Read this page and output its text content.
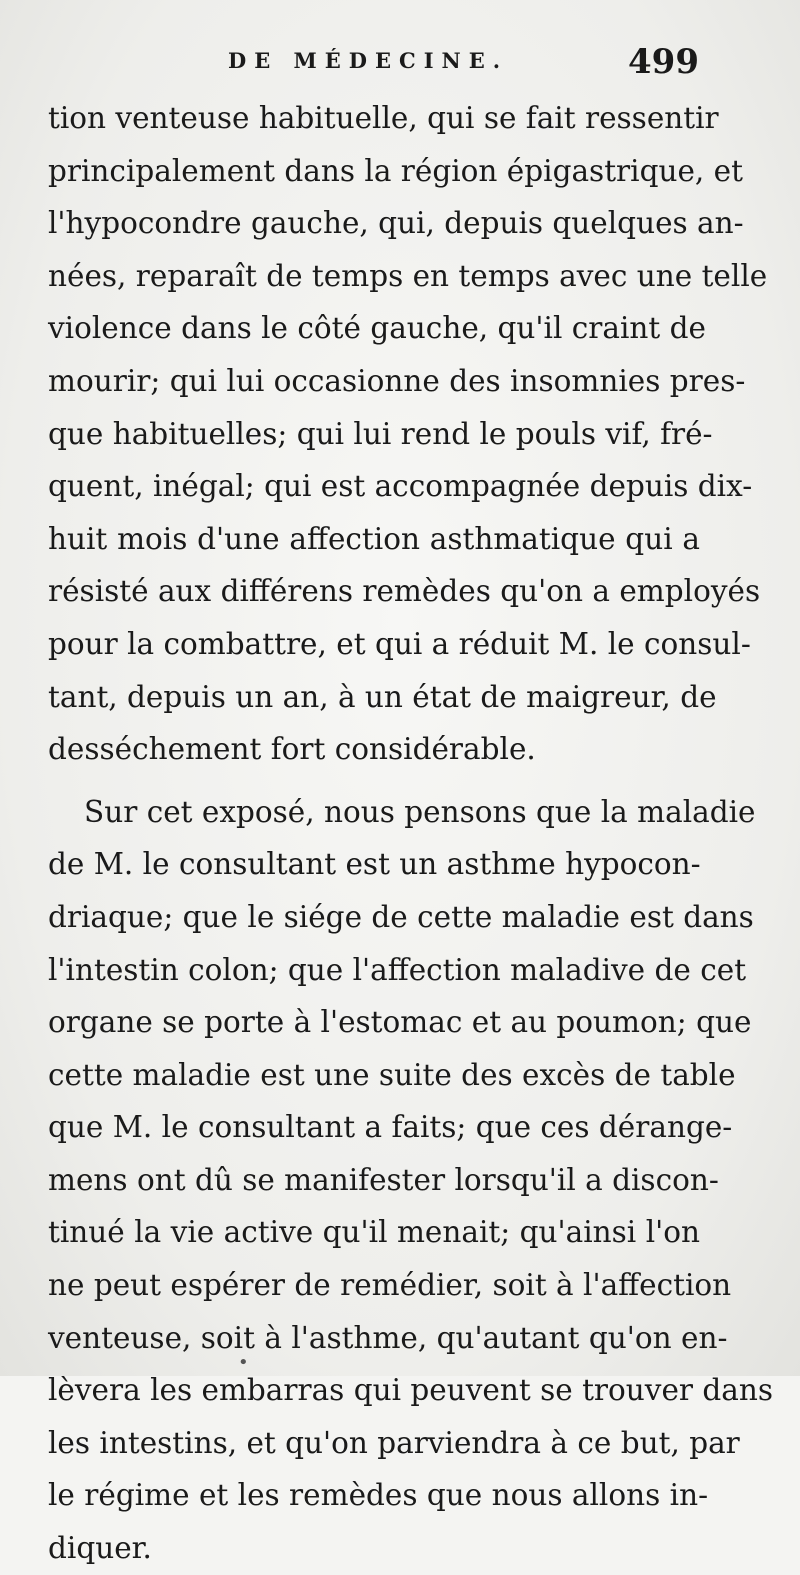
DE MÉDECINE.	499
tion venteuse habituelle, qui se fait ressentir
principalement dans la région épigastrique, et
l'hypocondre gauche, qui, depuis quelques an-
nées, reparaît de temps en temps avec une telle
violence dans le côté gauche, qu'il craint de
mourir; qui lui occasionne des insomnies pres-
que habituelles; qui lui rend le pouls vif, fré-
quent, inégal; qui est accompagnée depuis dix-
huit mois d'une affection asthmatique qui a
résisté aux différens remèdes qu'on a employés
pour la combattre, et qui a réduit M. le consul-
tant, depuis un an, à un état de maigreur, de
desséchement fort considérable.
Sur cet exposé, nous pensons que la maladie
de M. le consultant est un asthme hypocon-
driaque; que le siége de cette maladie est dans
l'intestin colon; que l'affection maladive de cet
organe se porte à l'estomac et au poumon; que
cette maladie est une suite des excès de table
que M. le consultant a faits; que ces dérange-
mens ont dû se manifester lorsqu'il a discon-
tinué la vie active qu'il menait; qu'ainsi l'on
ne peut espérer de remédier, soit à l'affection
venteuse, soit à l'asthme, qu'autant qu'on en-
lèvera les embarras qui peuvent se trouver dans
les intestins, et qu'on parviendra à ce but, par
le régime et les remèdes que nous allons in-
diquer.
•
